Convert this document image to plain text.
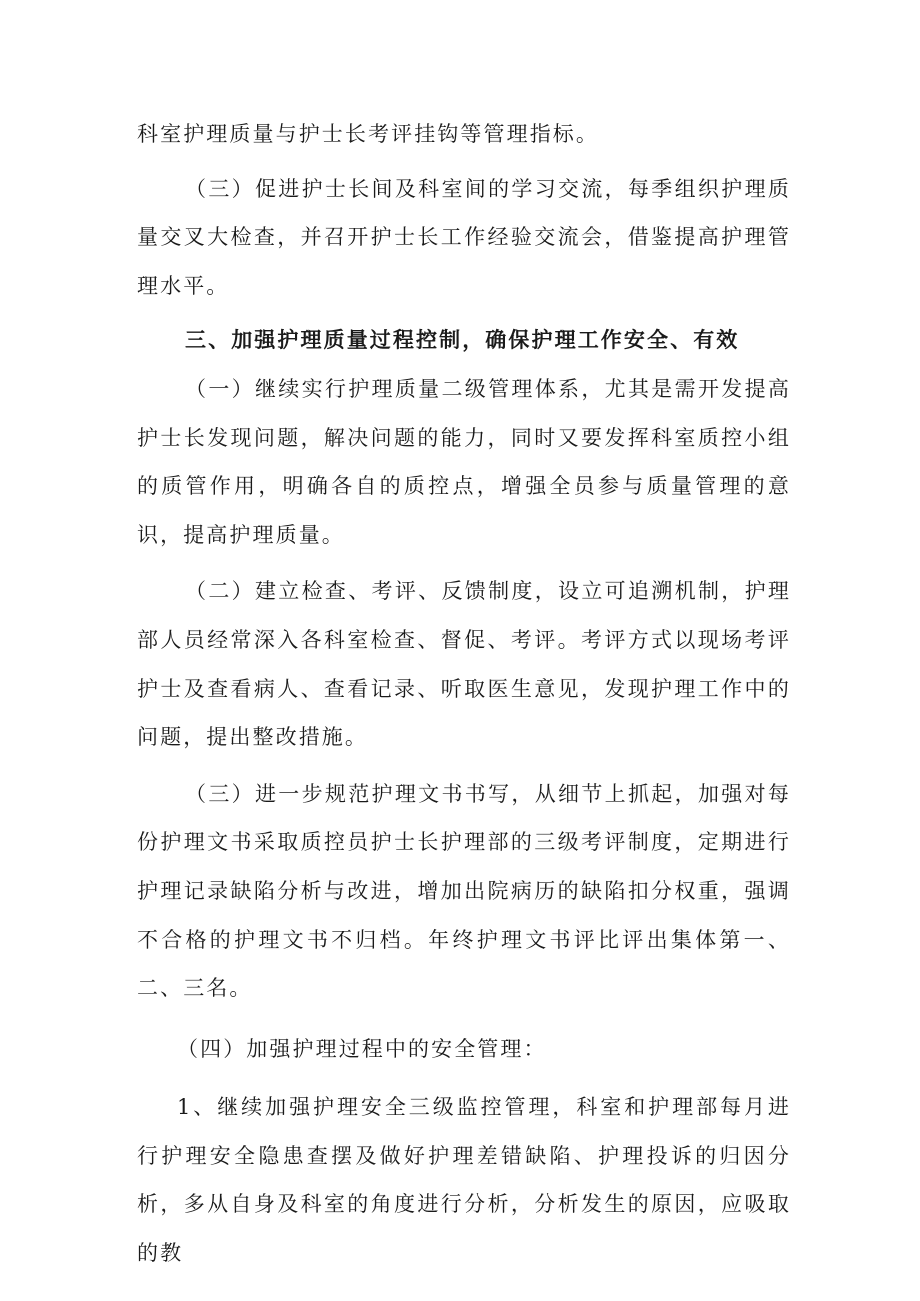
科室护理质量与护士长考评挂钩等管理指标。

（三）促进护士长间及科室间的学习交流，每季组织护理质量交叉大检查，并召开护士长工作经验交流会，借鉴提高护理管理水平。

三、加强护理质量过程控制，确保护理工作安全、有效

（一）继续实行护理质量二级管理体系，尤其是需开发提高护士长发现问题，解决问题的能力，同时又要发挥科室质控小组的质管作用，明确各自的质控点，增强全员参与质量管理的意识，提高护理质量。

（二）建立检查、考评、反馈制度，设立可追溯机制，护理部人员经常深入各科室检查、督促、考评。考评方式以现场考评护士及查看病人、查看记录、听取医生意见，发现护理工作中的问题，提出整改措施。

（三）进一步规范护理文书书写，从细节上抓起，加强对每份护理文书采取质控员护士长护理部的三级考评制度，定期进行护理记录缺陷分析与改进，增加出院病历的缺陷扣分权重，强调不合格的护理文书不归档。年终护理文书评比评出集体第一、二、三名。

（四）加强护理过程中的安全管理：

1、继续加强护理安全三级监控管理，科室和护理部每月进行护理安全隐患查摆及做好护理差错缺陷、护理投诉的归因分析，多从自身及科室的角度进行分析，分析发生的原因，应吸取的教
